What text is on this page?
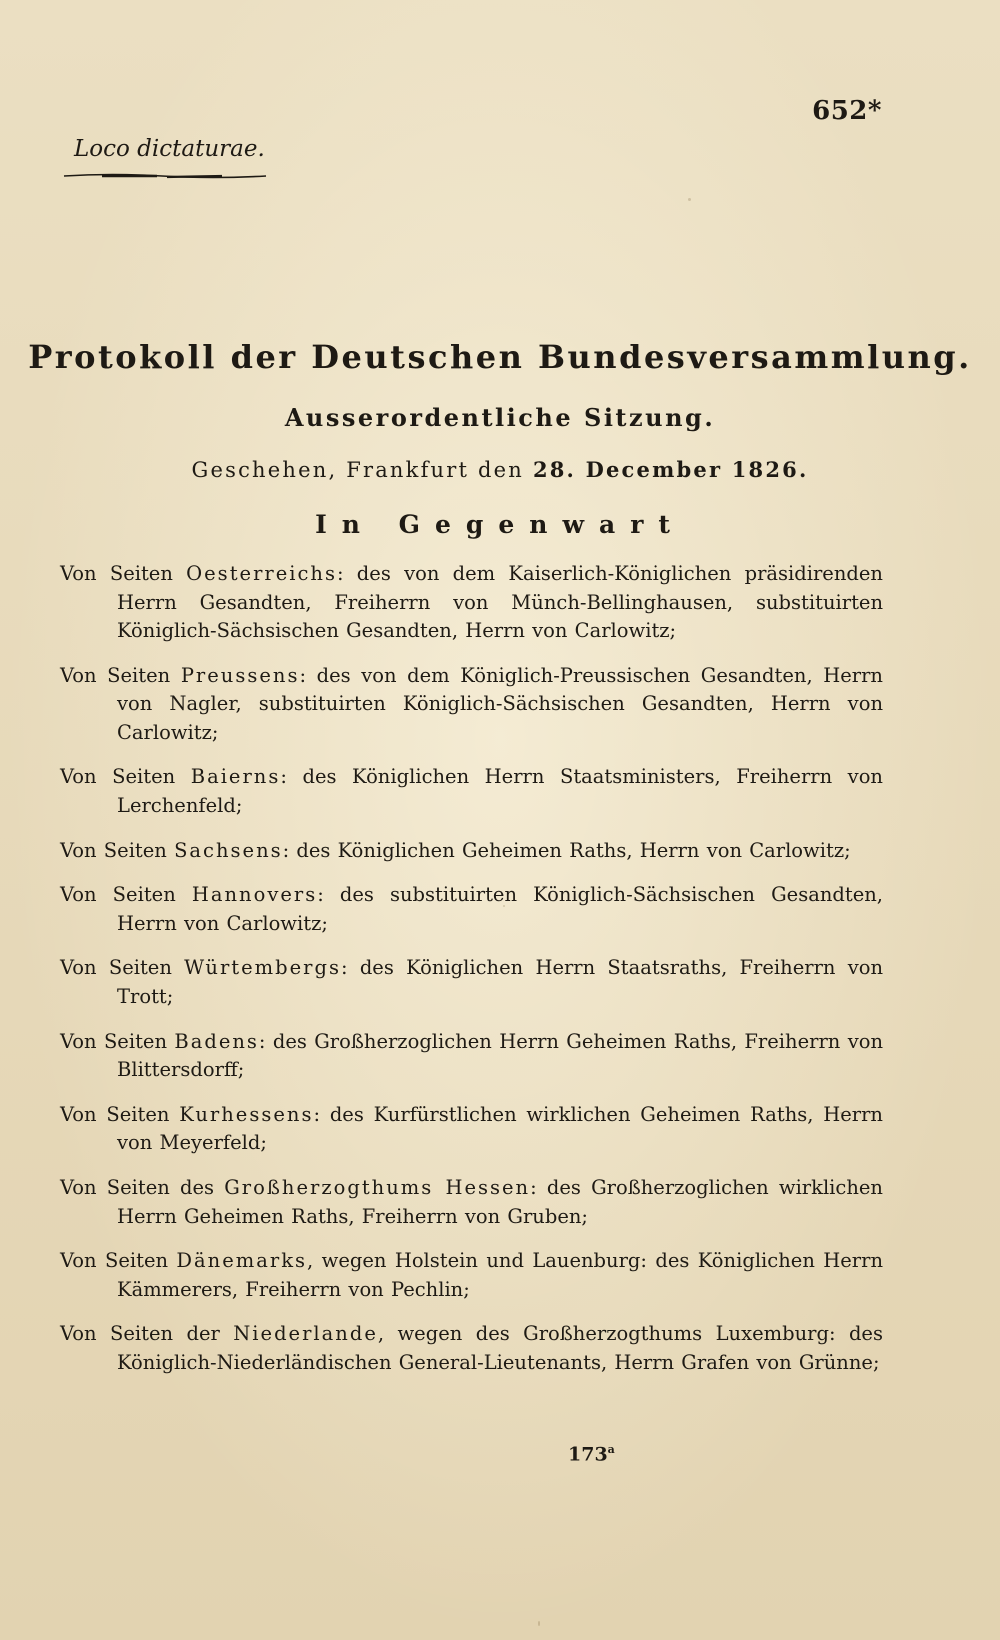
652*
Loco dictaturae.
Protokoll der Deutschen Bundesversammlung.
Ausserordentliche Sitzung.
Geschehen, Frankfurt den 28. December 1826.
In Gegenwart
Von Seiten Oesterreichs: des von dem Kaiserlich-Königlichen präsidirenden Herrn Gesandten, Freiherrn von Münch-Bellinghausen, substituirten Königlich-Sächsischen Gesandten, Herrn von Carlowitz;
Von Seiten Preussens: des von dem Königlich-Preussischen Gesandten, Herrn von Nagler, substituirten Königlich-Sächsischen Gesandten, Herrn von Carlowitz;
Von Seiten Baierns: des Königlichen Herrn Staatsministers, Freiherrn von Lerchenfeld;
Von Seiten Sachsens: des Königlichen Geheimen Raths, Herrn von Carlowitz;
Von Seiten Hannovers: des substituirten Königlich-Sächsischen Gesandten, Herrn von Carlowitz;
Von Seiten Würtembergs: des Königlichen Herrn Staatsraths, Freiherrn von Trott;
Von Seiten Badens: des Großherzoglichen Herrn Geheimen Raths, Freiherrn von Blittersdorff;
Von Seiten Kurhessens: des Kurfürstlichen wirklichen Geheimen Raths, Herrn von Meyerfeld;
Von Seiten des Großherzogthums Hessen: des Großherzoglichen wirklichen Herrn Geheimen Raths, Freiherrn von Gruben;
Von Seiten Dänemarks, wegen Holstein und Lauenburg: des Königlichen Herrn Kämmerers, Freiherrn von Pechlin;
Von Seiten der Niederlande, wegen des Großherzogthums Luxemburg: des Königlich-Niederländischen General-Lieutenants, Herrn Grafen von Grünne;
173$^a$
